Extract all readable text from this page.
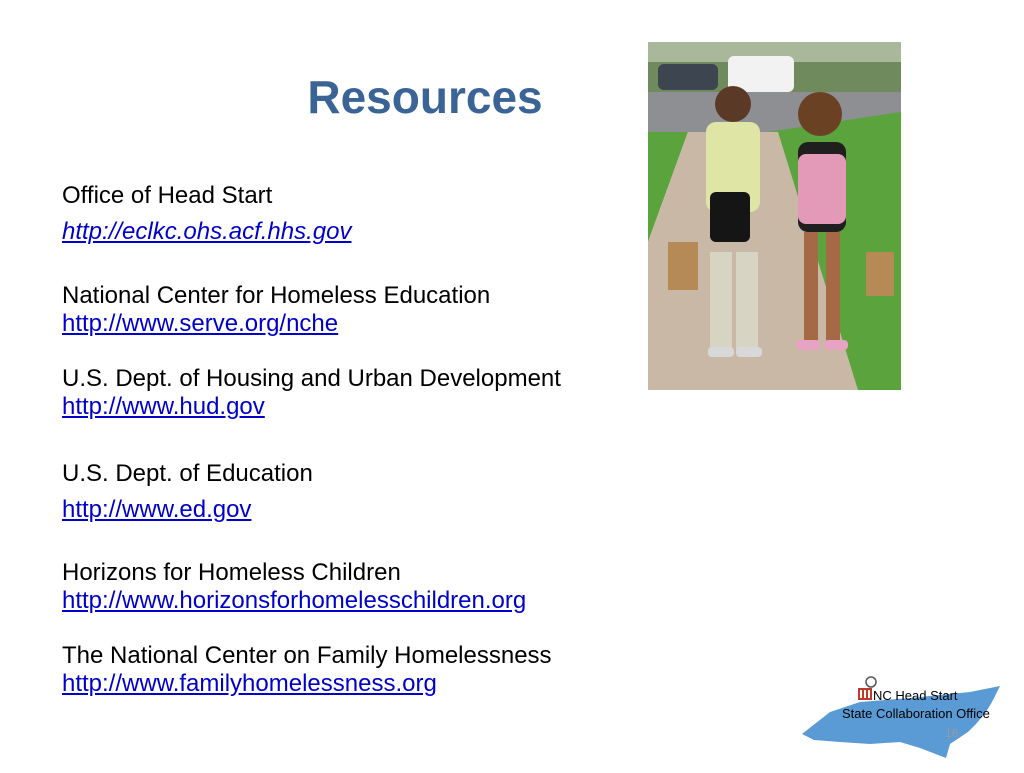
Resources
Office of Head Start
http://eclkc.ohs.acf.hhs.gov
National Center for Homeless Education
http://www.serve.org/nche
U.S. Dept. of Housing and Urban Development
http://www.hud.gov
U.S. Dept. of Education
http://www.ed.gov
Horizons for Homeless Children
http://www.horizonsforhomelesschildren.org
The National Center on Family Homelessness
http://www.familyhomelessness.org	NC Head Start
State Collaboration Office
16
